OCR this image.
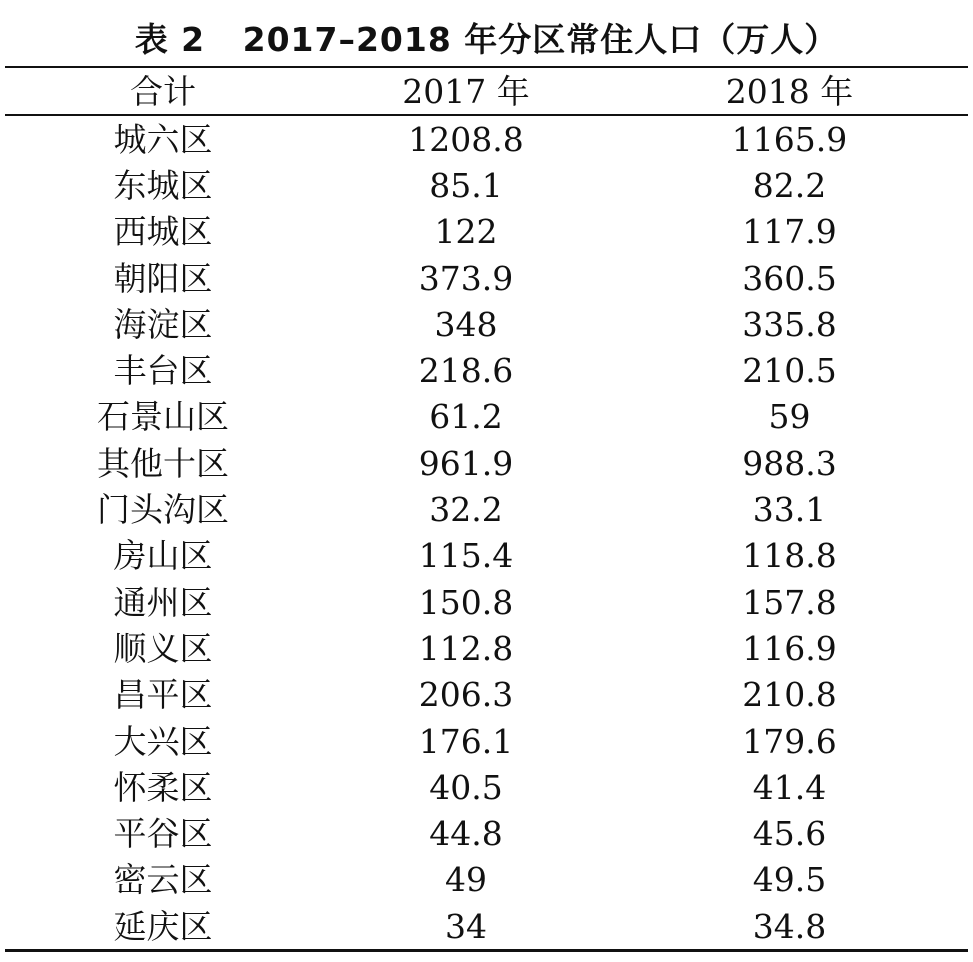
表 2   2017–2018 年分区常住人口（万人）
合计	2017 年	2018 年
城六区	1208.8	1165.9
东城区	85.1	82.2
西城区	122	117.9
朝阳区	373.9	360.5
海淀区	348	335.8
丰台区	218.6	210.5
石景山区	61.2	59
其他十区	961.9	988.3
门头沟区	32.2	33.1
房山区	115.4	118.8
通州区	150.8	157.8
顺义区	112.8	116.9
昌平区	206.3	210.8
大兴区	176.1	179.6
怀柔区	40.5	41.4
平谷区	44.8	45.6
密云区	49	49.5
延庆区	34	34.8
